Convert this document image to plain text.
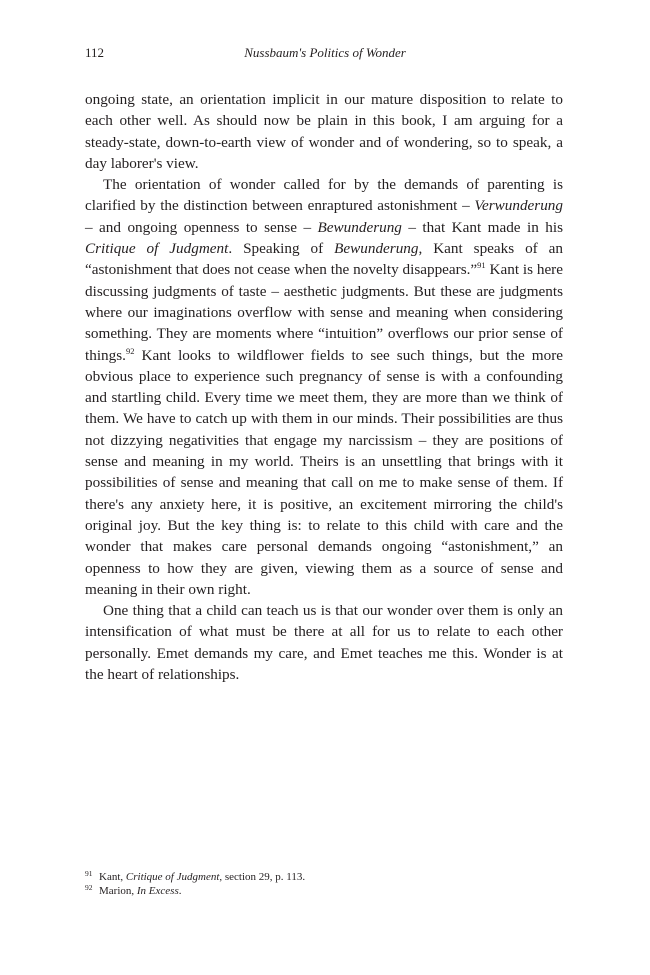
112	Nussbaum's Politics of Wonder

ongoing state, an orientation implicit in our mature disposition to relate to each other well. As should now be plain in this book, I am arguing for a steady-state, down-to-earth view of wonder and of wondering, so to speak, a day laborer's view.

The orientation of wonder called for by the demands of parenting is clarified by the distinction between enraptured astonishment – Verwunderung – and ongoing openness to sense – Bewunderung – that Kant made in his Critique of Judgment. Speaking of Bewunderung, Kant speaks of an “astonishment that does not cease when the novelty disappears.”$^{91}$ Kant is here discussing judgments of taste – aesthetic judgments. But these are judgments where our imaginations overflow with sense and meaning when considering something. They are moments where “intuition” overflows our prior sense of things.$^{92}$ Kant looks to wildflower fields to see such things, but the more obvious place to experience such pregnancy of sense is with a confounding and startling child. Every time we meet them, they are more than we think of them. We have to catch up with them in our minds. Their possibilities are thus not dizzying negativities that engage my narcissism – they are positions of sense and meaning in my world. Theirs is an unsettling that brings with it possibilities of sense and meaning that call on me to make sense of them. If there's any anxiety here, it is positive, an excitement mirroring the child's original joy. But the key thing is: to relate to this child with care and the wonder that makes care personal demands ongoing “astonishment,” an openness to how they are given, viewing them as a source of sense and meaning in their own right.

One thing that a child can teach us is that our wonder over them is only an intensification of what must be there at all for us to relate to each other personally. Emet demands my care, and Emet teaches me this. Wonder is at the heart of relationships.

91 Kant, Critique of Judgment, section 29, p. 113.
92 Marion, In Excess.
